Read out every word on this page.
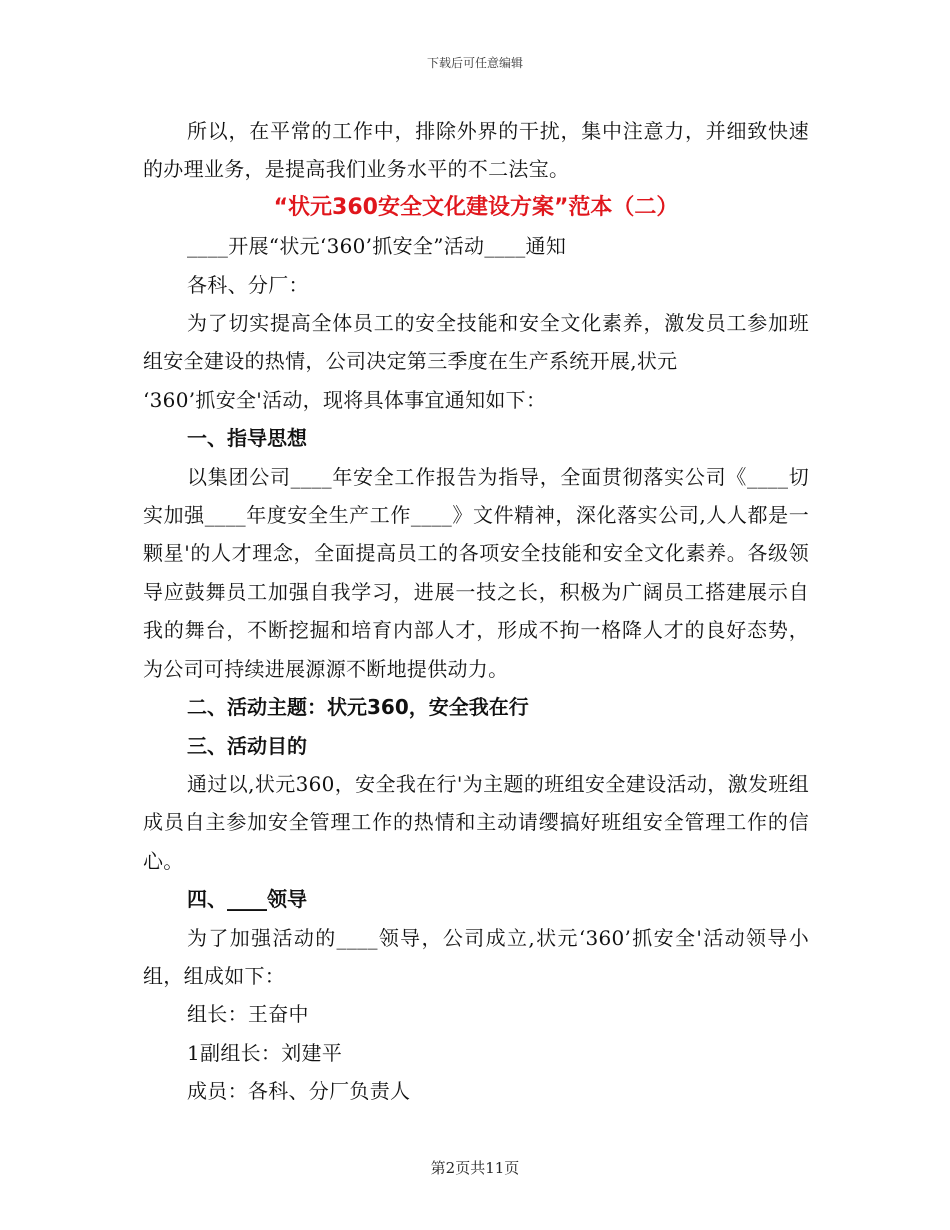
下载后可任意编辑

所以，在平常的工作中，排除外界的干扰，集中注意力，并细致快速的办理业务，是提高我们业务水平的不二法宝。

“状元360安全文化建设方案”范本（二）

____开展“状元‘360’抓安全”活动____通知

各科、分厂：

为了切实提高全体员工的安全技能和安全文化素养，激发员工参加班组安全建设的热情，公司决定第三季度在生产系统开展,状元

‘360’抓安全'活动，现将具体事宜通知如下：

一、指导思想

以集团公司____年安全工作报告为指导，全面贯彻落实公司《____切实加强____年度安全生产工作____》文件精神，深化落实公司,人人都是一颗星'的人才理念，全面提高员工的各项安全技能和安全文化素养。各级领导应鼓舞员工加强自我学习，进展一技之长，积极为广阔员工搭建展示自我的舞台，不断挖掘和培育内部人才，形成不拘一格降人才的良好态势，为公司可持续进展源源不断地提供动力。

二、活动主题：状元360，安全我在行

三、活动目的

通过以,状元360，安全我在行'为主题的班组安全建设活动，激发班组成员自主参加安全管理工作的热情和主动请缨搞好班组安全管理工作的信心。

四、____领导

为了加强活动的____领导，公司成立,状元‘360’抓安全'活动领导小组，组成如下：

组长：王奋中

1副组长：刘建平

成员：各科、分厂负责人

第2页共11页
